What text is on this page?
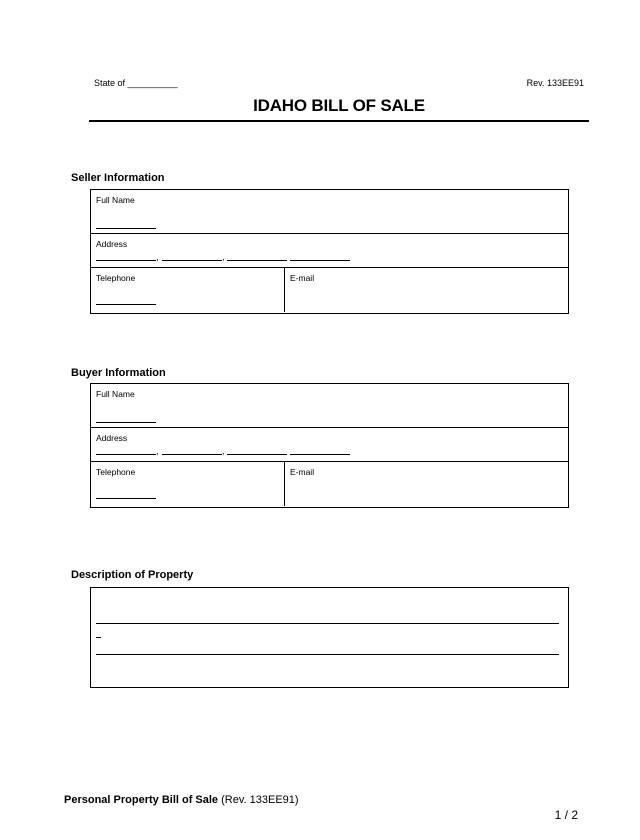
State of __________	Rev. 133EE91
IDAHO BILL OF SALE
Seller Information
Full Name
Address
,	,
Telephone	E-mail
Buyer Information
Full Name
Address
,	,
Telephone	E-mail
Description of Property
Personal Property Bill of Sale (Rev. 133EE91)
1 / 2
